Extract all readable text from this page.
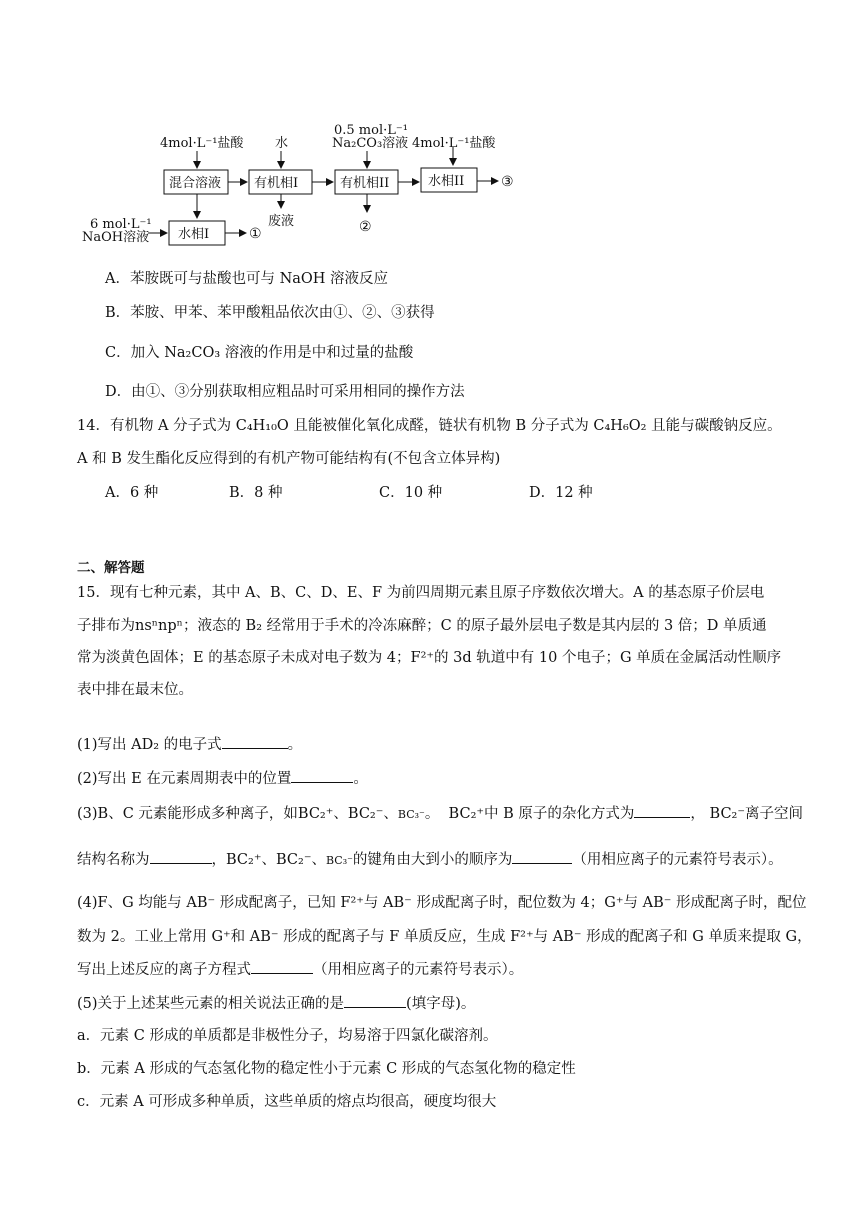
4mol·L⁻¹盐酸 水
0.5 mol·L⁻¹
Na₂CO₃溶液 4mol·L⁻¹盐酸
混合溶液	有机相I	有机相II	水相II	③
废液	②
水相I	①
6 mol·L⁻¹
NaOH溶液
A．苯胺既可与盐酸也可与 NaOH 溶液反应
B．苯胺、甲苯、苯甲酸粗品依次由①、②、③获得
C．加入 Na₂CO₃ 溶液的作用是中和过量的盐酸
D．由①、③分别获取相应粗品时可采用相同的操作方法
14．有机物 A 分子式为 C₄H₁₀O 且能被催化氧化成醛，链状有机物 B 分子式为 C₄H₆O₂ 且能与碳酸钠反应。
A 和 B 发生酯化反应得到的有机产物可能结构有(不包含立体异构)
A．6 种	B．8 种	C．10 种	D．12 种
二、解答题
15．现有七种元素，其中 A、B、C、D、E、F 为前四周期元素且原子序数依次增大。A 的基态原子价层电
子排布为nsⁿnpⁿ；液态的 B₂ 经常用于手术的冷冻麻醉；C 的原子最外层电子数是其内层的 3 倍；D 单质通
常为淡黄色固体；E 的基态原子未成对电子数为 4；F²⁺的 3d 轨道中有 10 个电子；G 单质在金属活动性顺序
表中排在最末位。
(1)写出 AD₂ 的电子式	。
(2)写出 E 在元素周期表中的位置	。
(3)B、C 元素能形成多种离子，如BC₂⁺、BC₂⁻、BC₃⁻。 BC₂⁺中 B 原子的杂化方式为	， BC₂⁻离子空间
结构名称为	，BC₂⁺、BC₂⁻、BC₃⁻的键角由大到小的顺序为	（用相应离子的元素符号表示）。
(4)F、G 均能与 AB⁻ 形成配离子，已知 F²⁺与 AB⁻ 形成配离子时，配位数为 4；G⁺与 AB⁻ 形成配离子时，配位
数为 2。工业上常用 G⁺和 AB⁻ 形成的配离子与 F 单质反应，生成 F²⁺与 AB⁻ 形成的配离子和 G 单质来提取 G，
写出上述反应的离子方程式	（用相应离子的元素符号表示）。
(5)关于上述某些元素的相关说法正确的是	(填字母)。
a．元素 C 形成的单质都是非极性分子，均易溶于四氯化碳溶剂。
b．元素 A 形成的气态氢化物的稳定性小于元素 C 形成的气态氢化物的稳定性
c．元素 A 可形成多种单质，这些单质的熔点均很高，硬度均很大
